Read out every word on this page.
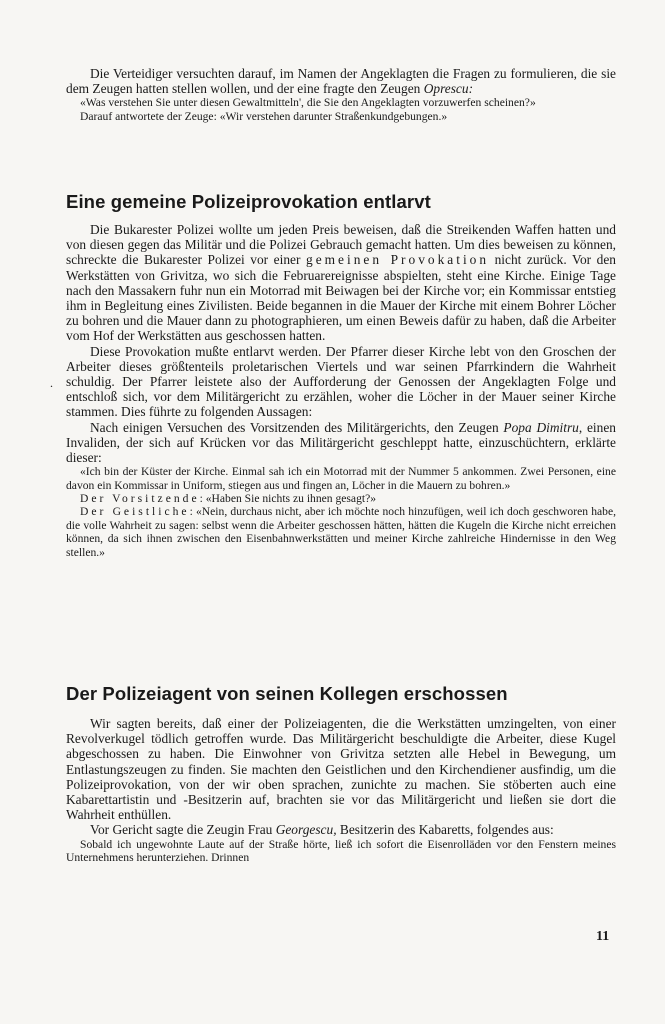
Die Verteidiger versuchten darauf, im Namen der Angeklagten die Fragen zu formulieren, die sie dem Zeugen hatten stellen wollen, und der eine fragte den Zeugen Oprescu:

«Was verstehen Sie unter diesen Gewaltmitteln', die Sie den Angeklagten vorzuwerfen scheinen?»

Darauf antwortete der Zeuge: «Wir verstehen darunter Straßenkundgebungen.»

Eine gemeine Polizeiprovokation entlarvt

Die Bukarester Polizei wollte um jeden Preis beweisen, daß die Streikenden Waffen hatten und von diesen gegen das Militär und die Polizei Gebrauch gemacht hatten. Um dies beweisen zu können, schreckte die Bukarester Polizei vor einer gemeinen Provokation nicht zurück. Vor den Werkstätten von Grivitza, wo sich die Februarereignisse abspielten, steht eine Kirche. Einige Tage nach den Massakern fuhr nun ein Motorrad mit Beiwagen bei der Kirche vor; ein Kommissar entstieg ihm in Begleitung eines Zivilisten. Beide begannen in die Mauer der Kirche mit einem Bohrer Löcher zu bohren und die Mauer dann zu photographieren, um einen Beweis dafür zu haben, daß die Arbeiter vom Hof der Werkstätten aus geschossen hatten.

Diese Provokation mußte entlarvt werden. Der Pfarrer dieser Kirche lebt von den Groschen der Arbeiter dieses größtenteils proletarischen Viertels und war seinen Pfarrkindern die Wahrheit schuldig. Der Pfarrer leistete also der Aufforderung der Genossen der Angeklagten Folge und entschloß sich, vor dem Militärgericht zu erzählen, woher die Löcher in der Mauer seiner Kirche stammen. Dies führte zu folgenden Aussagen:

Nach einigen Versuchen des Vorsitzenden des Militärgerichts, den Zeugen Popa Dimitru, einen Invaliden, der sich auf Krücken vor das Militärgericht geschleppt hatte, einzuschüchtern, erklärte dieser:

«Ich bin der Küster der Kirche. Einmal sah ich ein Motorrad mit der Nummer 5 ankommen. Zwei Personen, eine davon ein Kommissar in Uniform, stiegen aus und fingen an, Löcher in die Mauern zu bohren.»

Der Vorsitzende: «Haben Sie nichts zu ihnen gesagt?»

Der Geistliche: «Nein, durchaus nicht, aber ich möchte noch hinzufügen, weil ich doch geschworen habe, die volle Wahrheit zu sagen: selbst wenn die Arbeiter geschossen hätten, hätten die Kugeln die Kirche nicht erreichen können, da sich ihnen zwischen den Eisenbahnwerkstätten und meiner Kirche zahlreiche Hindernisse in den Weg stellen.»

Der Polizeiagent von seinen Kollegen erschossen

Wir sagten bereits, daß einer der Polizeiagenten, die die Werkstätten umzingelten, von einer Revolverkugel tödlich getroffen wurde. Das Militärgericht beschuldigte die Arbeiter, diese Kugel abgeschossen zu haben. Die Einwohner von Grivitza setzten alle Hebel in Bewegung, um Entlastungszeugen zu finden. Sie machten den Geistlichen und den Kirchendiener ausfindig, um die Polizeiprovokation, von der wir oben sprachen, zunichte zu machen. Sie stöberten auch eine Kabarettartistin und -Besitzerin auf, brachten sie vor das Militärgericht und ließen sie dort die Wahrheit enthüllen.

Vor Gericht sagte die Zeugin Frau Georgescu, Besitzerin des Kabaretts, folgendes aus:

Sobald ich ungewohnte Laute auf der Straße hörte, ließ ich sofort die Eisenrolläden vor den Fenstern meines Unternehmens herunterziehen. Drinnen

.
11
